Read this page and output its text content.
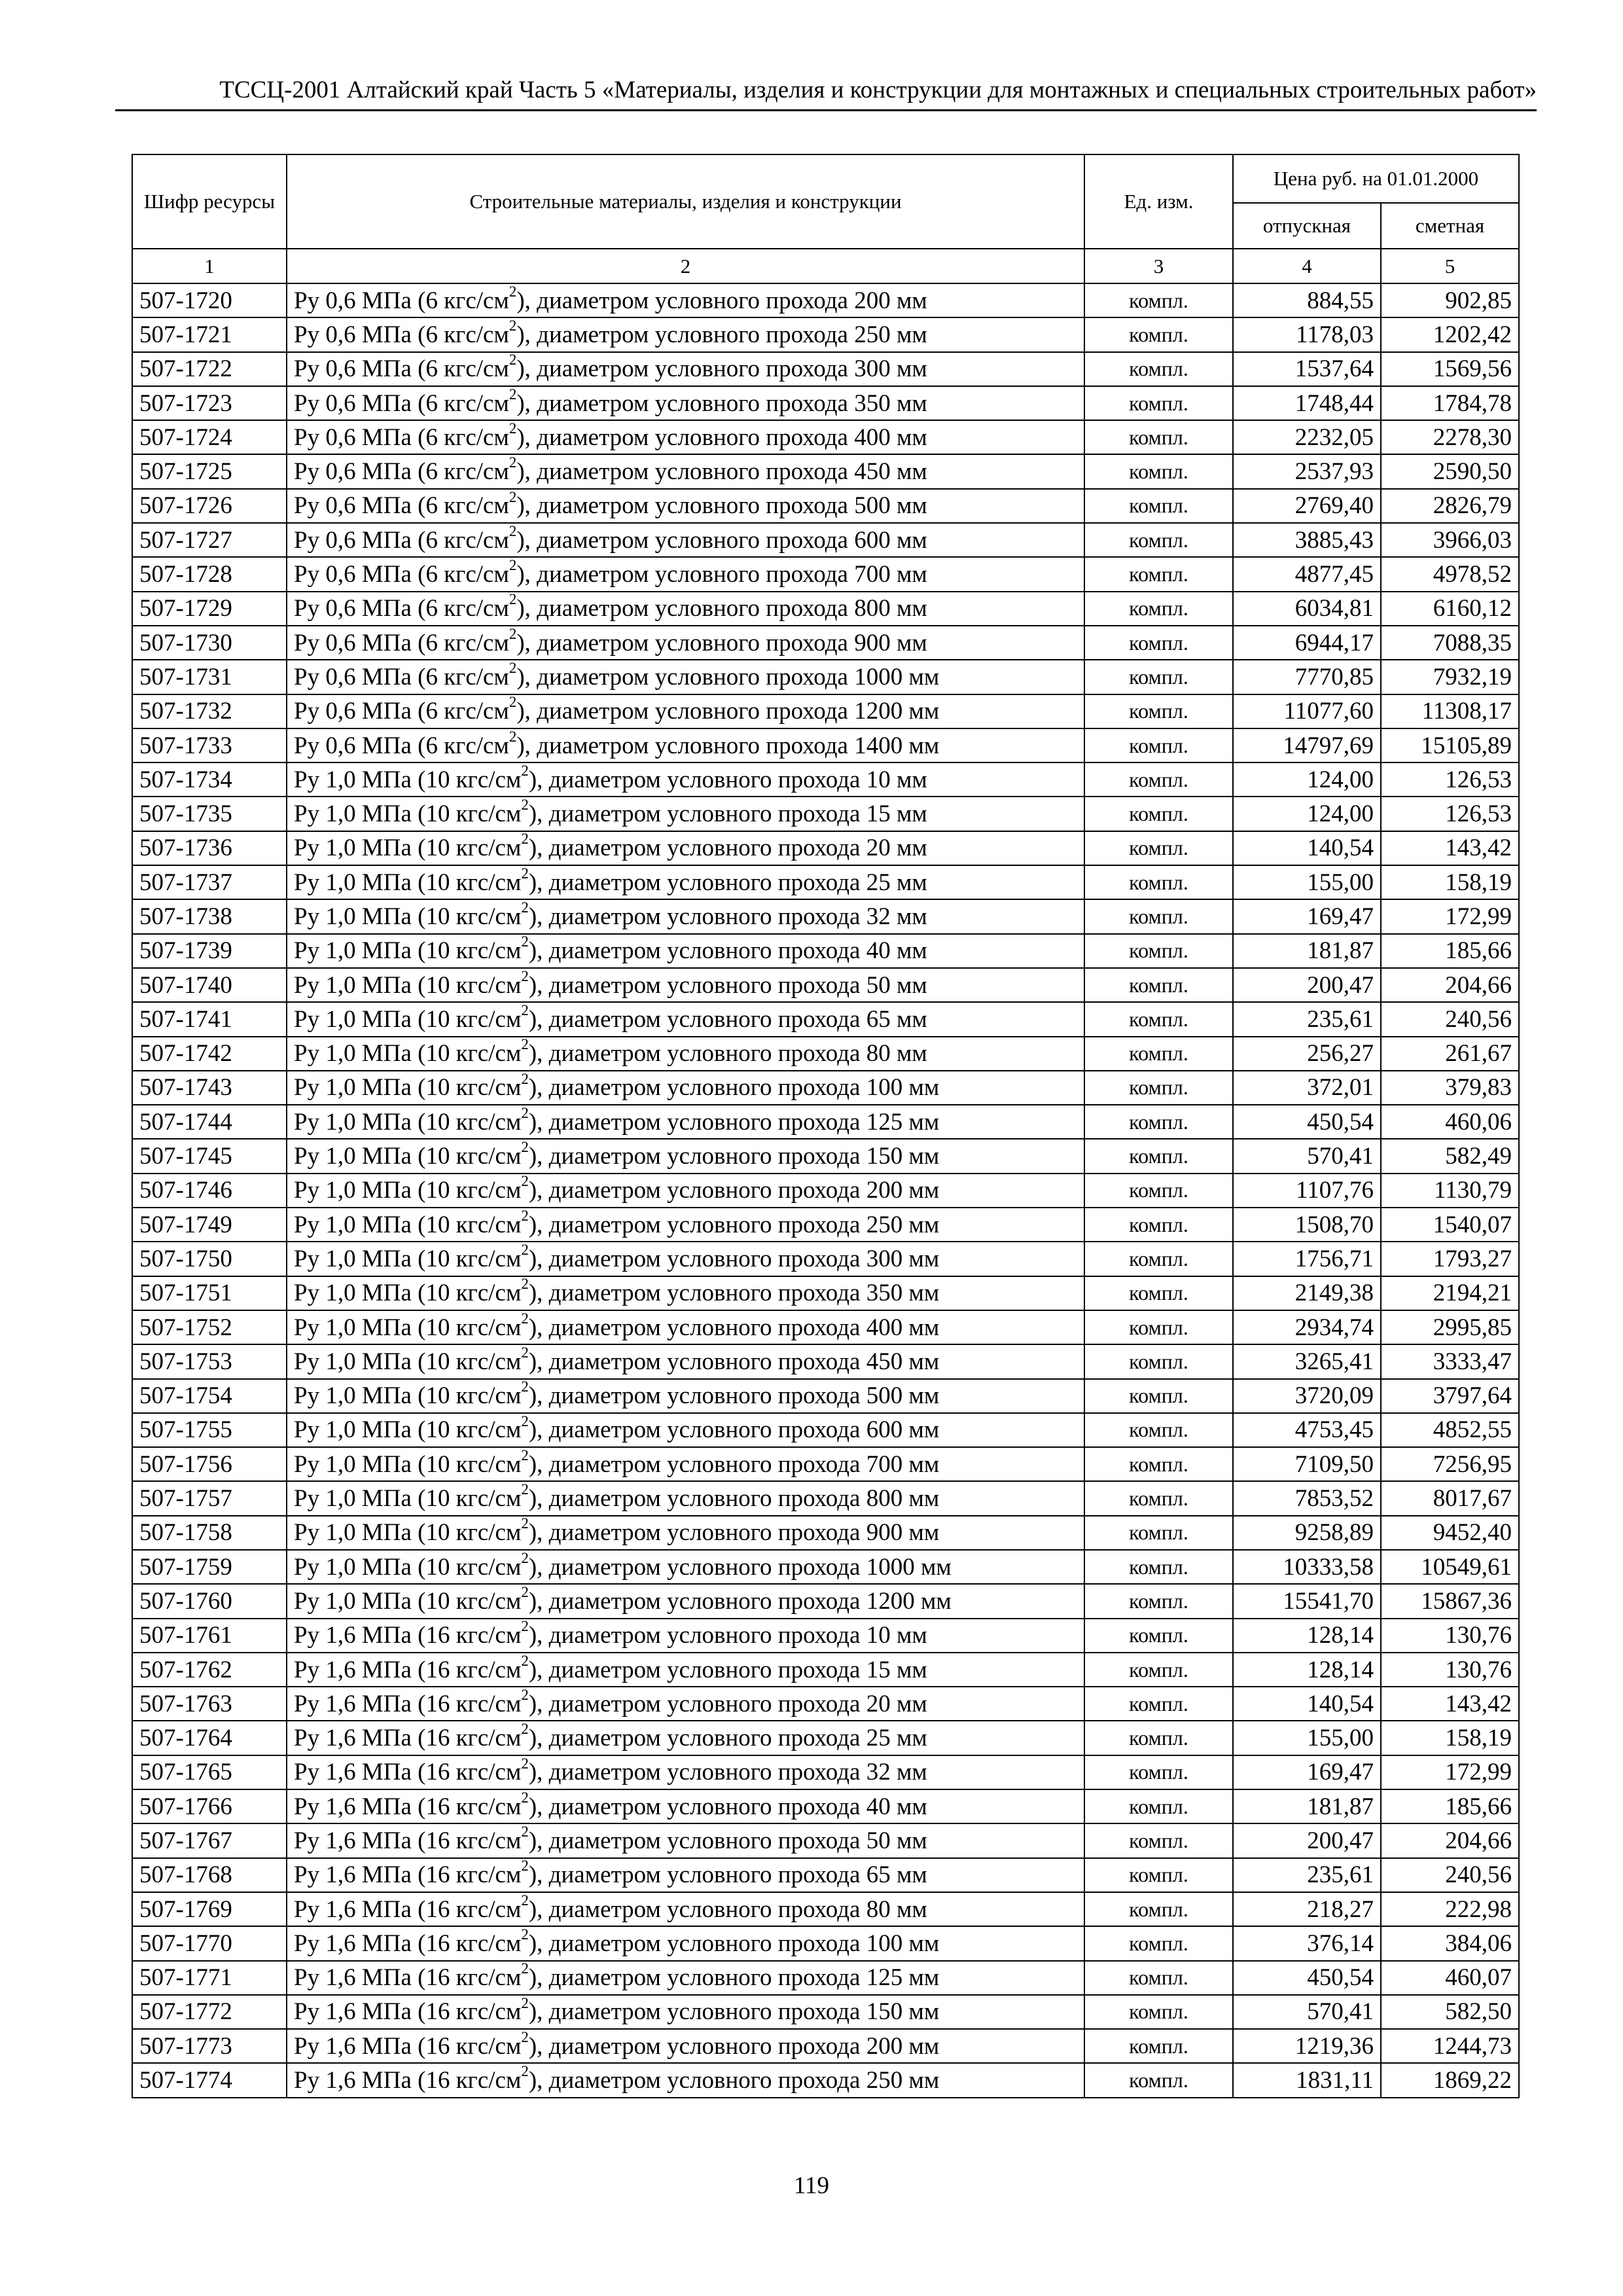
ТССЦ-2001 Алтайский край Часть 5 «Материалы, изделия и конструкции для монтажных и специальных строительных работ»
Шифр ресурсы	Строительные материалы, изделия и конструкции	Ед. изм.	Цена руб. на 01.01.2000	
			отпускная	сметная
1	2	3	4	5
507-1720	Ру 0,6 МПа (6 кгс/$см^2$), диаметром условного прохода 200 мм	компл.	884,55	902,85
507-1721	Ру 0,6 МПа (6 кгс/$см^2$), диаметром условного прохода 250 мм	компл.	1178,03	1202,42
507-1722	Ру 0,6 МПа (6 кгс/$см^2$), диаметром условного прохода 300 мм	компл.	1537,64	1569,56
507-1723	Ру 0,6 МПа (6 кгс/$см^2$), диаметром условного прохода 350 мм	компл.	1748,44	1784,78
507-1724	Ру 0,6 МПа (6 кгс/$см^2$), диаметром условного прохода 400 мм	компл.	2232,05	2278,30
507-1725	Ру 0,6 МПа (6 кгс/$см^2$), диаметром условного прохода 450 мм	компл.	2537,93	2590,50
507-1726	Ру 0,6 МПа (6 кгс/$см^2$), диаметром условного прохода 500 мм	компл.	2769,40	2826,79
507-1727	Ру 0,6 МПа (6 кгс/$см^2$), диаметром условного прохода 600 мм	компл.	3885,43	3966,03
507-1728	Ру 0,6 МПа (6 кгс/$см^2$), диаметром условного прохода 700 мм	компл.	4877,45	4978,52
507-1729	Ру 0,6 МПа (6 кгс/$см^2$), диаметром условного прохода 800 мм	компл.	6034,81	6160,12
507-1730	Ру 0,6 МПа (6 кгс/$см^2$), диаметром условного прохода 900 мм	компл.	6944,17	7088,35
507-1731	Ру 0,6 МПа (6 кгс/$см^2$), диаметром условного прохода 1000 мм	компл.	7770,85	7932,19
507-1732	Ру 0,6 МПа (6 кгс/$см^2$), диаметром условного прохода 1200 мм	компл.	11077,60	11308,17
507-1733	Ру 0,6 МПа (6 кгс/$см^2$), диаметром условного прохода 1400 мм	компл.	14797,69	15105,89
507-1734	Ру 1,0 МПа (10 кгс/$см^2$), диаметром условного прохода 10 мм	компл.	124,00	126,53
507-1735	Ру 1,0 МПа (10 кгс/$см^2$), диаметром условного прохода 15 мм	компл.	124,00	126,53
507-1736	Ру 1,0 МПа (10 кгс/$см^2$), диаметром условного прохода 20 мм	компл.	140,54	143,42
507-1737	Ру 1,0 МПа (10 кгс/$см^2$), диаметром условного прохода 25 мм	компл.	155,00	158,19
507-1738	Ру 1,0 МПа (10 кгс/$см^2$), диаметром условного прохода 32 мм	компл.	169,47	172,99
507-1739	Ру 1,0 МПа (10 кгс/$см^2$), диаметром условного прохода 40 мм	компл.	181,87	185,66
507-1740	Ру 1,0 МПа (10 кгс/$см^2$), диаметром условного прохода 50 мм	компл.	200,47	204,66
507-1741	Ру 1,0 МПа (10 кгс/$см^2$), диаметром условного прохода 65 мм	компл.	235,61	240,56
507-1742	Ру 1,0 МПа (10 кгс/$см^2$), диаметром условного прохода 80 мм	компл.	256,27	261,67
507-1743	Ру 1,0 МПа (10 кгс/$см^2$), диаметром условного прохода 100 мм	компл.	372,01	379,83
507-1744	Ру 1,0 МПа (10 кгс/$см^2$), диаметром условного прохода 125 мм	компл.	450,54	460,06
507-1745	Ру 1,0 МПа (10 кгс/$см^2$), диаметром условного прохода 150 мм	компл.	570,41	582,49
507-1746	Ру 1,0 МПа (10 кгс/$см^2$), диаметром условного прохода 200 мм	компл.	1107,76	1130,79
507-1749	Ру 1,0 МПа (10 кгс/$см^2$), диаметром условного прохода 250 мм	компл.	1508,70	1540,07
507-1750	Ру 1,0 МПа (10 кгс/$см^2$), диаметром условного прохода 300 мм	компл.	1756,71	1793,27
507-1751	Ру 1,0 МПа (10 кгс/$см^2$), диаметром условного прохода 350 мм	компл.	2149,38	2194,21
507-1752	Ру 1,0 МПа (10 кгс/$см^2$), диаметром условного прохода 400 мм	компл.	2934,74	2995,85
507-1753	Ру 1,0 МПа (10 кгс/$см^2$), диаметром условного прохода 450 мм	компл.	3265,41	3333,47
507-1754	Ру 1,0 МПа (10 кгс/$см^2$), диаметром условного прохода 500 мм	компл.	3720,09	3797,64
507-1755	Ру 1,0 МПа (10 кгс/$см^2$), диаметром условного прохода 600 мм	компл.	4753,45	4852,55
507-1756	Ру 1,0 МПа (10 кгс/$см^2$), диаметром условного прохода 700 мм	компл.	7109,50	7256,95
507-1757	Ру 1,0 МПа (10 кгс/$см^2$), диаметром условного прохода 800 мм	компл.	7853,52	8017,67
507-1758	Ру 1,0 МПа (10 кгс/$см^2$), диаметром условного прохода 900 мм	компл.	9258,89	9452,40
507-1759	Ру 1,0 МПа (10 кгс/$см^2$), диаметром условного прохода 1000 мм	компл.	10333,58	10549,61
507-1760	Ру 1,0 МПа (10 кгс/$см^2$), диаметром условного прохода 1200 мм	компл.	15541,70	15867,36
507-1761	Ру 1,6 МПа (16 кгс/$см^2$), диаметром условного прохода 10 мм	компл.	128,14	130,76
507-1762	Ру 1,6 МПа (16 кгс/$см^2$), диаметром условного прохода 15 мм	компл.	128,14	130,76
507-1763	Ру 1,6 МПа (16 кгс/$см^2$), диаметром условного прохода 20 мм	компл.	140,54	143,42
507-1764	Ру 1,6 МПа (16 кгс/$см^2$), диаметром условного прохода 25 мм	компл.	155,00	158,19
507-1765	Ру 1,6 МПа (16 кгс/$см^2$), диаметром условного прохода 32 мм	компл.	169,47	172,99
507-1766	Ру 1,6 МПа (16 кгс/$см^2$), диаметром условного прохода 40 мм	компл.	181,87	185,66
507-1767	Ру 1,6 МПа (16 кгс/$см^2$), диаметром условного прохода 50 мм	компл.	200,47	204,66
507-1768	Ру 1,6 МПа (16 кгс/$см^2$), диаметром условного прохода 65 мм	компл.	235,61	240,56
507-1769	Ру 1,6 МПа (16 кгс/$см^2$), диаметром условного прохода 80 мм	компл.	218,27	222,98
507-1770	Ру 1,6 МПа (16 кгс/$см^2$), диаметром условного прохода 100 мм	компл.	376,14	384,06
507-1771	Ру 1,6 МПа (16 кгс/$см^2$), диаметром условного прохода 125 мм	компл.	450,54	460,07
507-1772	Ру 1,6 МПа (16 кгс/$см^2$), диаметром условного прохода 150 мм	компл.	570,41	582,50
507-1773	Ру 1,6 МПа (16 кгс/$см^2$), диаметром условного прохода 200 мм	компл.	1219,36	1244,73
507-1774	Ру 1,6 МПа (16 кгс/$см^2$), диаметром условного прохода 250 мм	компл.	1831,11	1869,22
119
